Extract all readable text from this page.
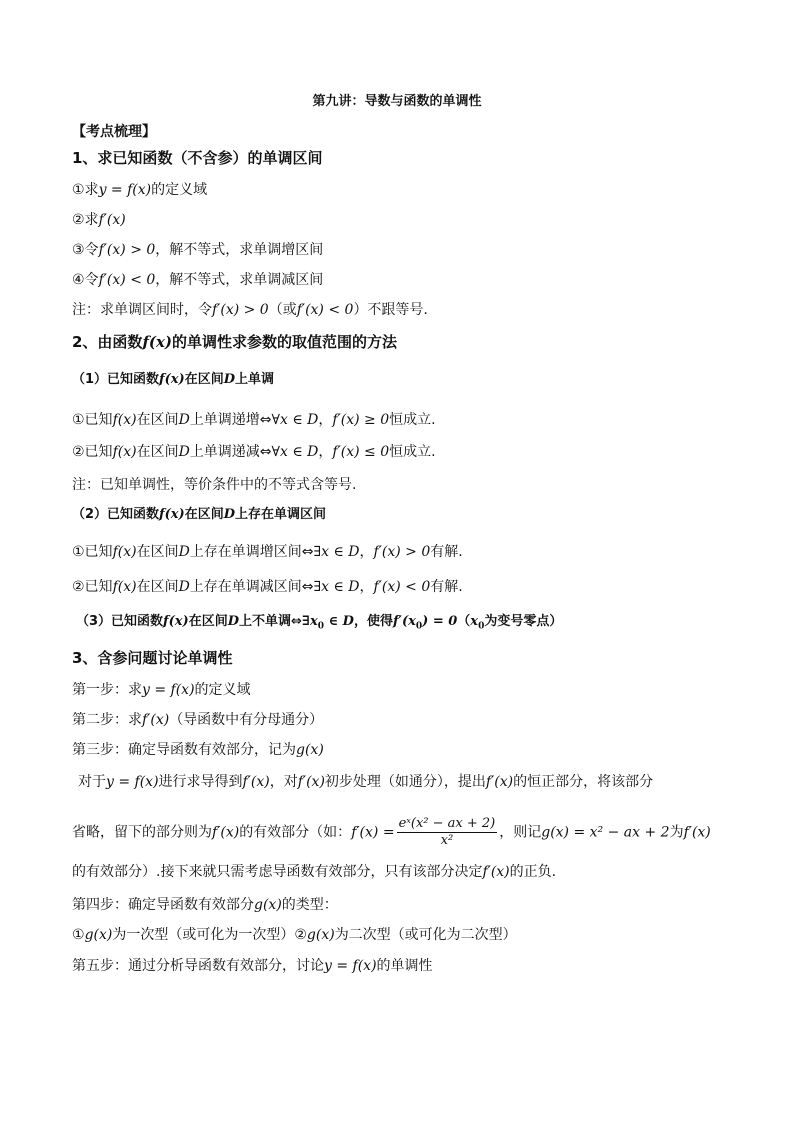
第九讲：导数与函数的单调性
【考点梳理】
1、求已知函数（不含参）的单调区间
①求y = f(x)的定义域
②求f′(x)
③令f′(x) > 0，解不等式，求单调增区间
④令f′(x) < 0，解不等式，求单调减区间
注：求单调区间时，令f′(x) > 0（或f′(x) < 0）不跟等号.
2、由函数f(x)的单调性求参数的取值范围的方法
（1）已知函数f(x)在区间D上单调
①已知f(x)在区间D上单调递增⇔∀x ∈ D，f′(x) ≥ 0恒成立.
②已知f(x)在区间D上单调递减⇔∀x ∈ D，f′(x) ≤ 0恒成立.
注：已知单调性，等价条件中的不等式含等号.
（2）已知函数f(x)在区间D上存在单调区间
①已知f(x)在区间D上存在单调增区间⇔∃x ∈ D，f′(x) > 0有解.
②已知f(x)在区间D上存在单调减区间⇔∃x ∈ D，f′(x) < 0有解.
（3）已知函数f(x)在区间D上不单调$\Leftrightarrow\exists x_0$ ∈ D，使得$f'(x_0) = 0(x_0$为变号零点）
3、含参问题讨论单调性
第一步：求y = f(x)的定义域
第二步：求f′(x)（导函数中有分母通分）
第三步：确定导函数有效部分，记为g(x)
对于y = f(x)进行求导得到f′(x)，对f′(x)初步处理（如通分），提出f′(x)的恒正部分，将该部分
省略，留下的部分则为f′(x)的有效部分（如：$f'(x) = \frac{\text{eˣ(x² − ax + 2)}}{\text{x²}}$ ，则记g(x) = x² − ax + 2为f′(x)
的有效部分）.接下来就只需考虑导函数有效部分，只有该部分决定f′(x)的正负.
第四步：确定导函数有效部分g(x)的类型：
①g(x)为一次型（或可化为一次型）②g(x)为二次型（或可化为二次型）
第五步：通过分析导函数有效部分，讨论y = f(x)的单调性
